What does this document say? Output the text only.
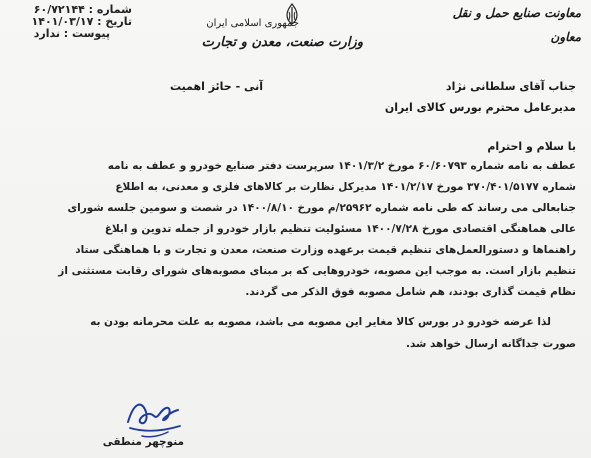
شماره : ۶۰/۷۲۱۴۴
تاریخ : ۱۴۰۱/۰۳/۱۷
پیوست : ندارد
جمهوری اسلامی ایران
وزارت صنعت، معدن و تجارت
معاونت صنایع حمل و نقل
معاون
آنی - حائز اهمیت	جناب آقای سلطانی نژاد
مدیرعامل محترم بورس کالای ایران
با سلام و احترام
عطف به نامه شماره ۶۰/۶۰۷۹۳ مورخ ۱۴۰۱/۳/۲ سرپرست دفتر صنایع خودرو و عطف به نامه
شماره ۳۷۰/۴۰۱/۵۱۷۷ مورخ ۱۴۰۱/۲/۱۷ مدیرکل نظارت بر کالاهای فلزی و معدنی، به اطلاع
جنابعالی می رساند که طی نامه شماره ۲۵۹۶۲/م مورخ ۱۴۰۰/۸/۱۰ در شصت و سومین جلسه شورای
عالی هماهنگی اقتصادی مورخ ۱۴۰۰/۷/۲۸ مسئولیت تنظیم بازار خودرو از جمله تدوین و ابلاغ
راهنماها و دستورالعمل‌های تنظیم قیمت برعهده وزارت صنعت، معدن و تجارت و با هماهنگی ستاد
تنظیم بازار است. به موجب این مصوبه، خودروهایی که بر مبنای مصوبه‌های شورای رقابت مستثنی از
نظام قیمت گذاری بودند، هم شامل مصوبه فوق الذکر می گردند.
لذا عرضه خودرو در بورس کالا مغایر این مصوبه می باشد، مصوبه به علت محرمانه بودن به
صورت جداگانه ارسال خواهد شد.
منوچهر منطقی
